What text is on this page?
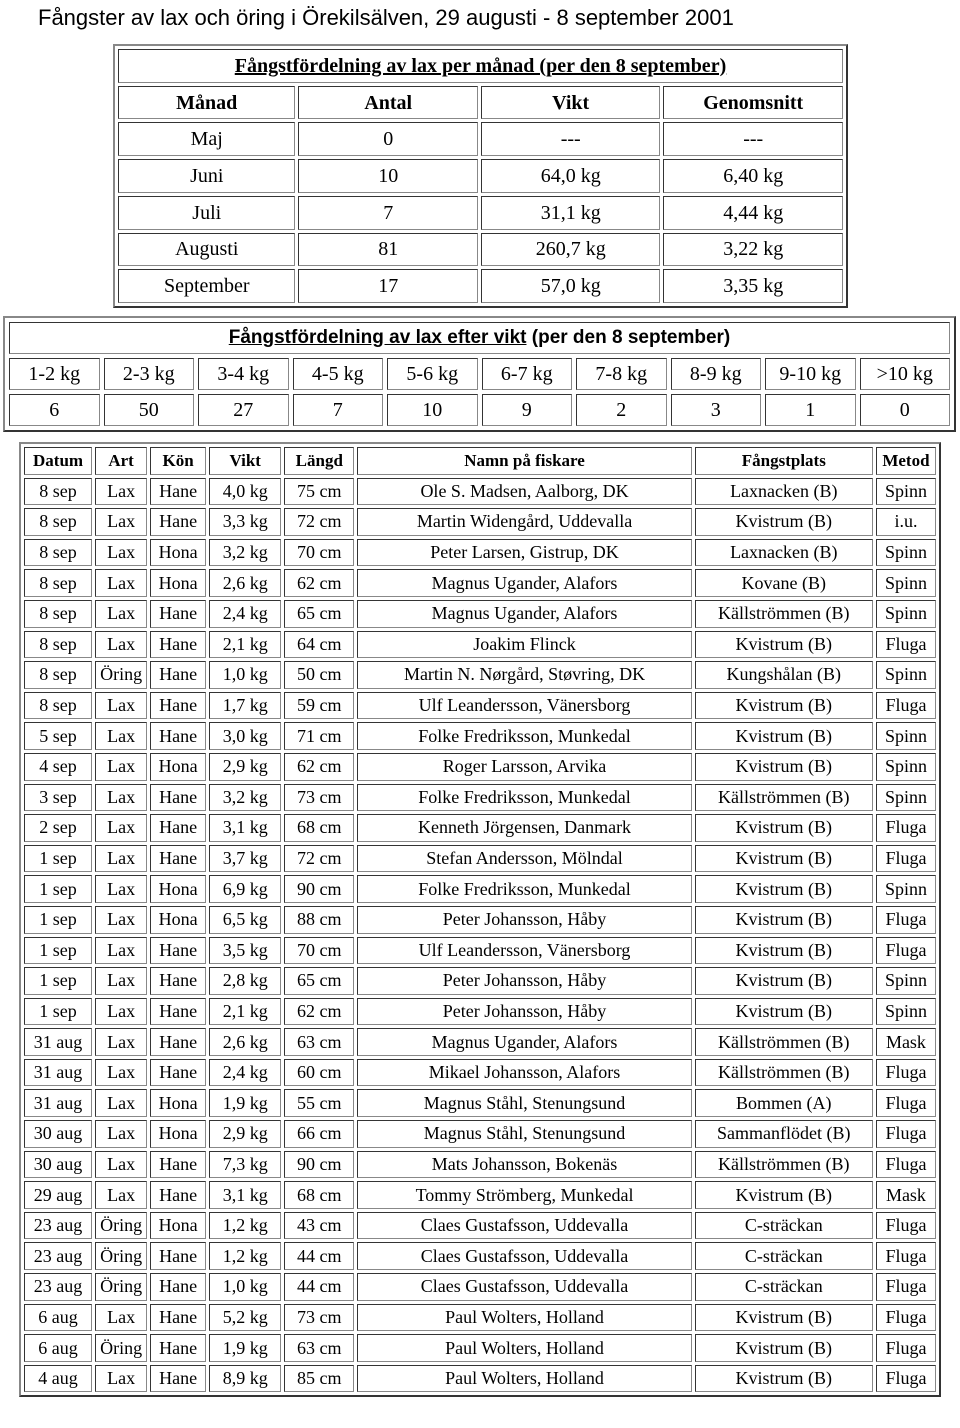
Fångster av lax och öring i Örekilsälven, 29 augusti - 8 september 2001
Fångstfördelning av lax per månad (per den 8 september)			
Månad	Antal	Vikt	Genomsnitt
Maj	0	---	---
Juni	10	64,0 kg	6,40 kg
Juli	7	31,1 kg	4,44 kg
Augusti	81	260,7 kg	3,22 kg
September	17	57,0 kg	3,35 kg
Fångstfördelning av lax efter vikt (per den 8 september)									
1-2 kg	2-3 kg	3-4 kg	4-5 kg	5-6 kg	6-7 kg	7-8 kg	8-9 kg	9-10 kg	>10 kg
6	50	27	7	10	9	2	3	1	0
Datum	Art	Kön	Vikt	Längd	Namn på fiskare	Fångstplats	Metod
8 sep	Lax	Hane	4,0 kg	75 cm	Ole S. Madsen, Aalborg, DK	Laxnacken (B)	Spinn
8 sep	Lax	Hane	3,3 kg	72 cm	Martin Widengård, Uddevalla	Kvistrum (B)	i.u.
8 sep	Lax	Hona	3,2 kg	70 cm	Peter Larsen, Gistrup, DK	Laxnacken (B)	Spinn
8 sep	Lax	Hona	2,6 kg	62 cm	Magnus Ugander, Alafors	Kovane (B)	Spinn
8 sep	Lax	Hane	2,4 kg	65 cm	Magnus Ugander, Alafors	Källströmmen (B)	Spinn
8 sep	Lax	Hane	2,1 kg	64 cm	Joakim Flinck	Kvistrum (B)	Fluga
8 sep	Öring	Hane	1,0 kg	50 cm	Martin N. Nørgård, Støvring, DK	Kungshålan (B)	Spinn
8 sep	Lax	Hane	1,7 kg	59 cm	Ulf Leandersson, Vänersborg	Kvistrum (B)	Fluga
5 sep	Lax	Hane	3,0 kg	71 cm	Folke Fredriksson, Munkedal	Kvistrum (B)	Spinn
4 sep	Lax	Hona	2,9 kg	62 cm	Roger Larsson, Arvika	Kvistrum (B)	Spinn
3 sep	Lax	Hane	3,2 kg	73 cm	Folke Fredriksson, Munkedal	Källströmmen (B)	Spinn
2 sep	Lax	Hane	3,1 kg	68 cm	Kenneth Jörgensen, Danmark	Kvistrum (B)	Fluga
1 sep	Lax	Hane	3,7 kg	72 cm	Stefan Andersson, Mölndal	Kvistrum (B)	Fluga
1 sep	Lax	Hona	6,9 kg	90 cm	Folke Fredriksson, Munkedal	Kvistrum (B)	Spinn
1 sep	Lax	Hona	6,5 kg	88 cm	Peter Johansson, Håby	Kvistrum (B)	Fluga
1 sep	Lax	Hane	3,5 kg	70 cm	Ulf Leandersson, Vänersborg	Kvistrum (B)	Fluga
1 sep	Lax	Hane	2,8 kg	65 cm	Peter Johansson, Håby	Kvistrum (B)	Spinn
1 sep	Lax	Hane	2,1 kg	62 cm	Peter Johansson, Håby	Kvistrum (B)	Spinn
31 aug	Lax	Hane	2,6 kg	63 cm	Magnus Ugander, Alafors	Källströmmen (B)	Mask
31 aug	Lax	Hane	2,4 kg	60 cm	Mikael Johansson, Alafors	Källströmmen (B)	Fluga
31 aug	Lax	Hona	1,9 kg	55 cm	Magnus Ståhl, Stenungsund	Bommen (A)	Fluga
30 aug	Lax	Hona	2,9 kg	66 cm	Magnus Ståhl, Stenungsund	Sammanflödet (B)	Fluga
30 aug	Lax	Hane	7,3 kg	90 cm	Mats Johansson, Bokenäs	Källströmmen (B)	Fluga
29 aug	Lax	Hane	3,1 kg	68 cm	Tommy Strömberg, Munkedal	Kvistrum (B)	Mask
23 aug	Öring	Hona	1,2 kg	43 cm	Claes Gustafsson, Uddevalla	C-sträckan	Fluga
23 aug	Öring	Hane	1,2 kg	44 cm	Claes Gustafsson, Uddevalla	C-sträckan	Fluga
23 aug	Öring	Hane	1,0 kg	44 cm	Claes Gustafsson, Uddevalla	C-sträckan	Fluga
6 aug	Lax	Hane	5,2 kg	73 cm	Paul Wolters, Holland	Kvistrum (B)	Fluga
6 aug	Öring	Hane	1,9 kg	63 cm	Paul Wolters, Holland	Kvistrum (B)	Fluga
4 aug	Lax	Hane	8,9 kg	85 cm	Paul Wolters, Holland	Kvistrum (B)	Fluga
